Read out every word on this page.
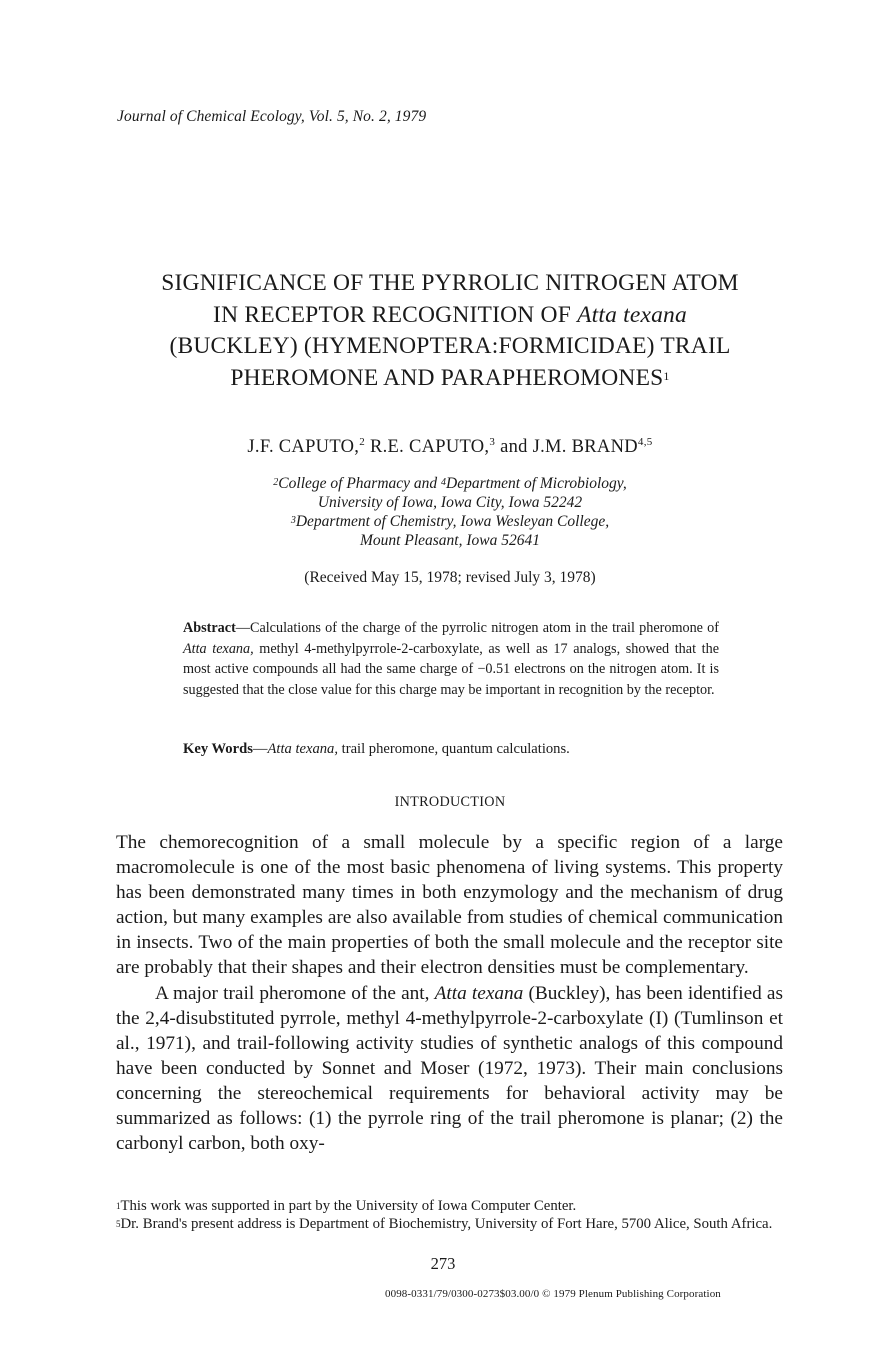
Journal of Chemical Ecology, Vol. 5, No. 2, 1979
SIGNIFICANCE OF THE PYRROLIC NITROGEN ATOM
IN RECEPTOR RECOGNITION OF Atta texana
(BUCKLEY) (HYMENOPTERA:FORMICIDAE) TRAIL
PHEROMONE AND PARAPHEROMONES$^1$
J.F. CAPUTO,$^2$ R.E. CAPUTO,$^3$ and J.M. BRAND$^{4,5}$
$^2$College of Pharmacy and $^4$Department of Microbiology,
University of Iowa, Iowa City, Iowa 52242
$^3$Department of Chemistry, Iowa Wesleyan College,
Mount Pleasant, Iowa 52641
(Received May 15, 1978; revised July 3, 1978)
Abstract—Calculations of the charge of the pyrrolic nitrogen atom in the trail pheromone of Atta texana, methyl 4-methylpyrrole-2-carboxylate, as well as 17 analogs, showed that the most active compounds all had the same charge of −0.51 electrons on the nitrogen atom. It is suggested that the close value for this charge may be important in recognition by the receptor.
Key Words—Atta texana, trail pheromone, quantum calculations.
INTRODUCTION

The chemorecognition of a small molecule by a specific region of a large macromolecule is one of the most basic phenomena of living systems. This property has been demonstrated many times in both enzymology and the mechanism of drug action, but many examples are also available from studies of chemical communication in insects. Two of the main properties of both the small molecule and the receptor site are probably that their shapes and their electron densities must be complementary.

A major trail pheromone of the ant, Atta texana (Buckley), has been identified as the 2,4-disubstituted pyrrole, methyl 4-methylpyrrole-2-carboxylate (I) (Tumlinson et al., 1971), and trail-following activity studies of synthetic analogs of this compound have been conducted by Sonnet and Moser (1972, 1973). Their main conclusions concerning the stereochemical requirements for behavioral activity may be summarized as follows: (1) the pyrrole ring of the trail pheromone is planar; (2) the carbonyl carbon, both oxy-

$^1$This work was supported in part by the University of Iowa Computer Center.
$^5$Dr. Brand's present address is Department of Biochemistry, University of Fort Hare, 5700 Alice, South Africa.
273
0098-0331/79/0300-0273$03.00/0 © 1979 Plenum Publishing Corporation
